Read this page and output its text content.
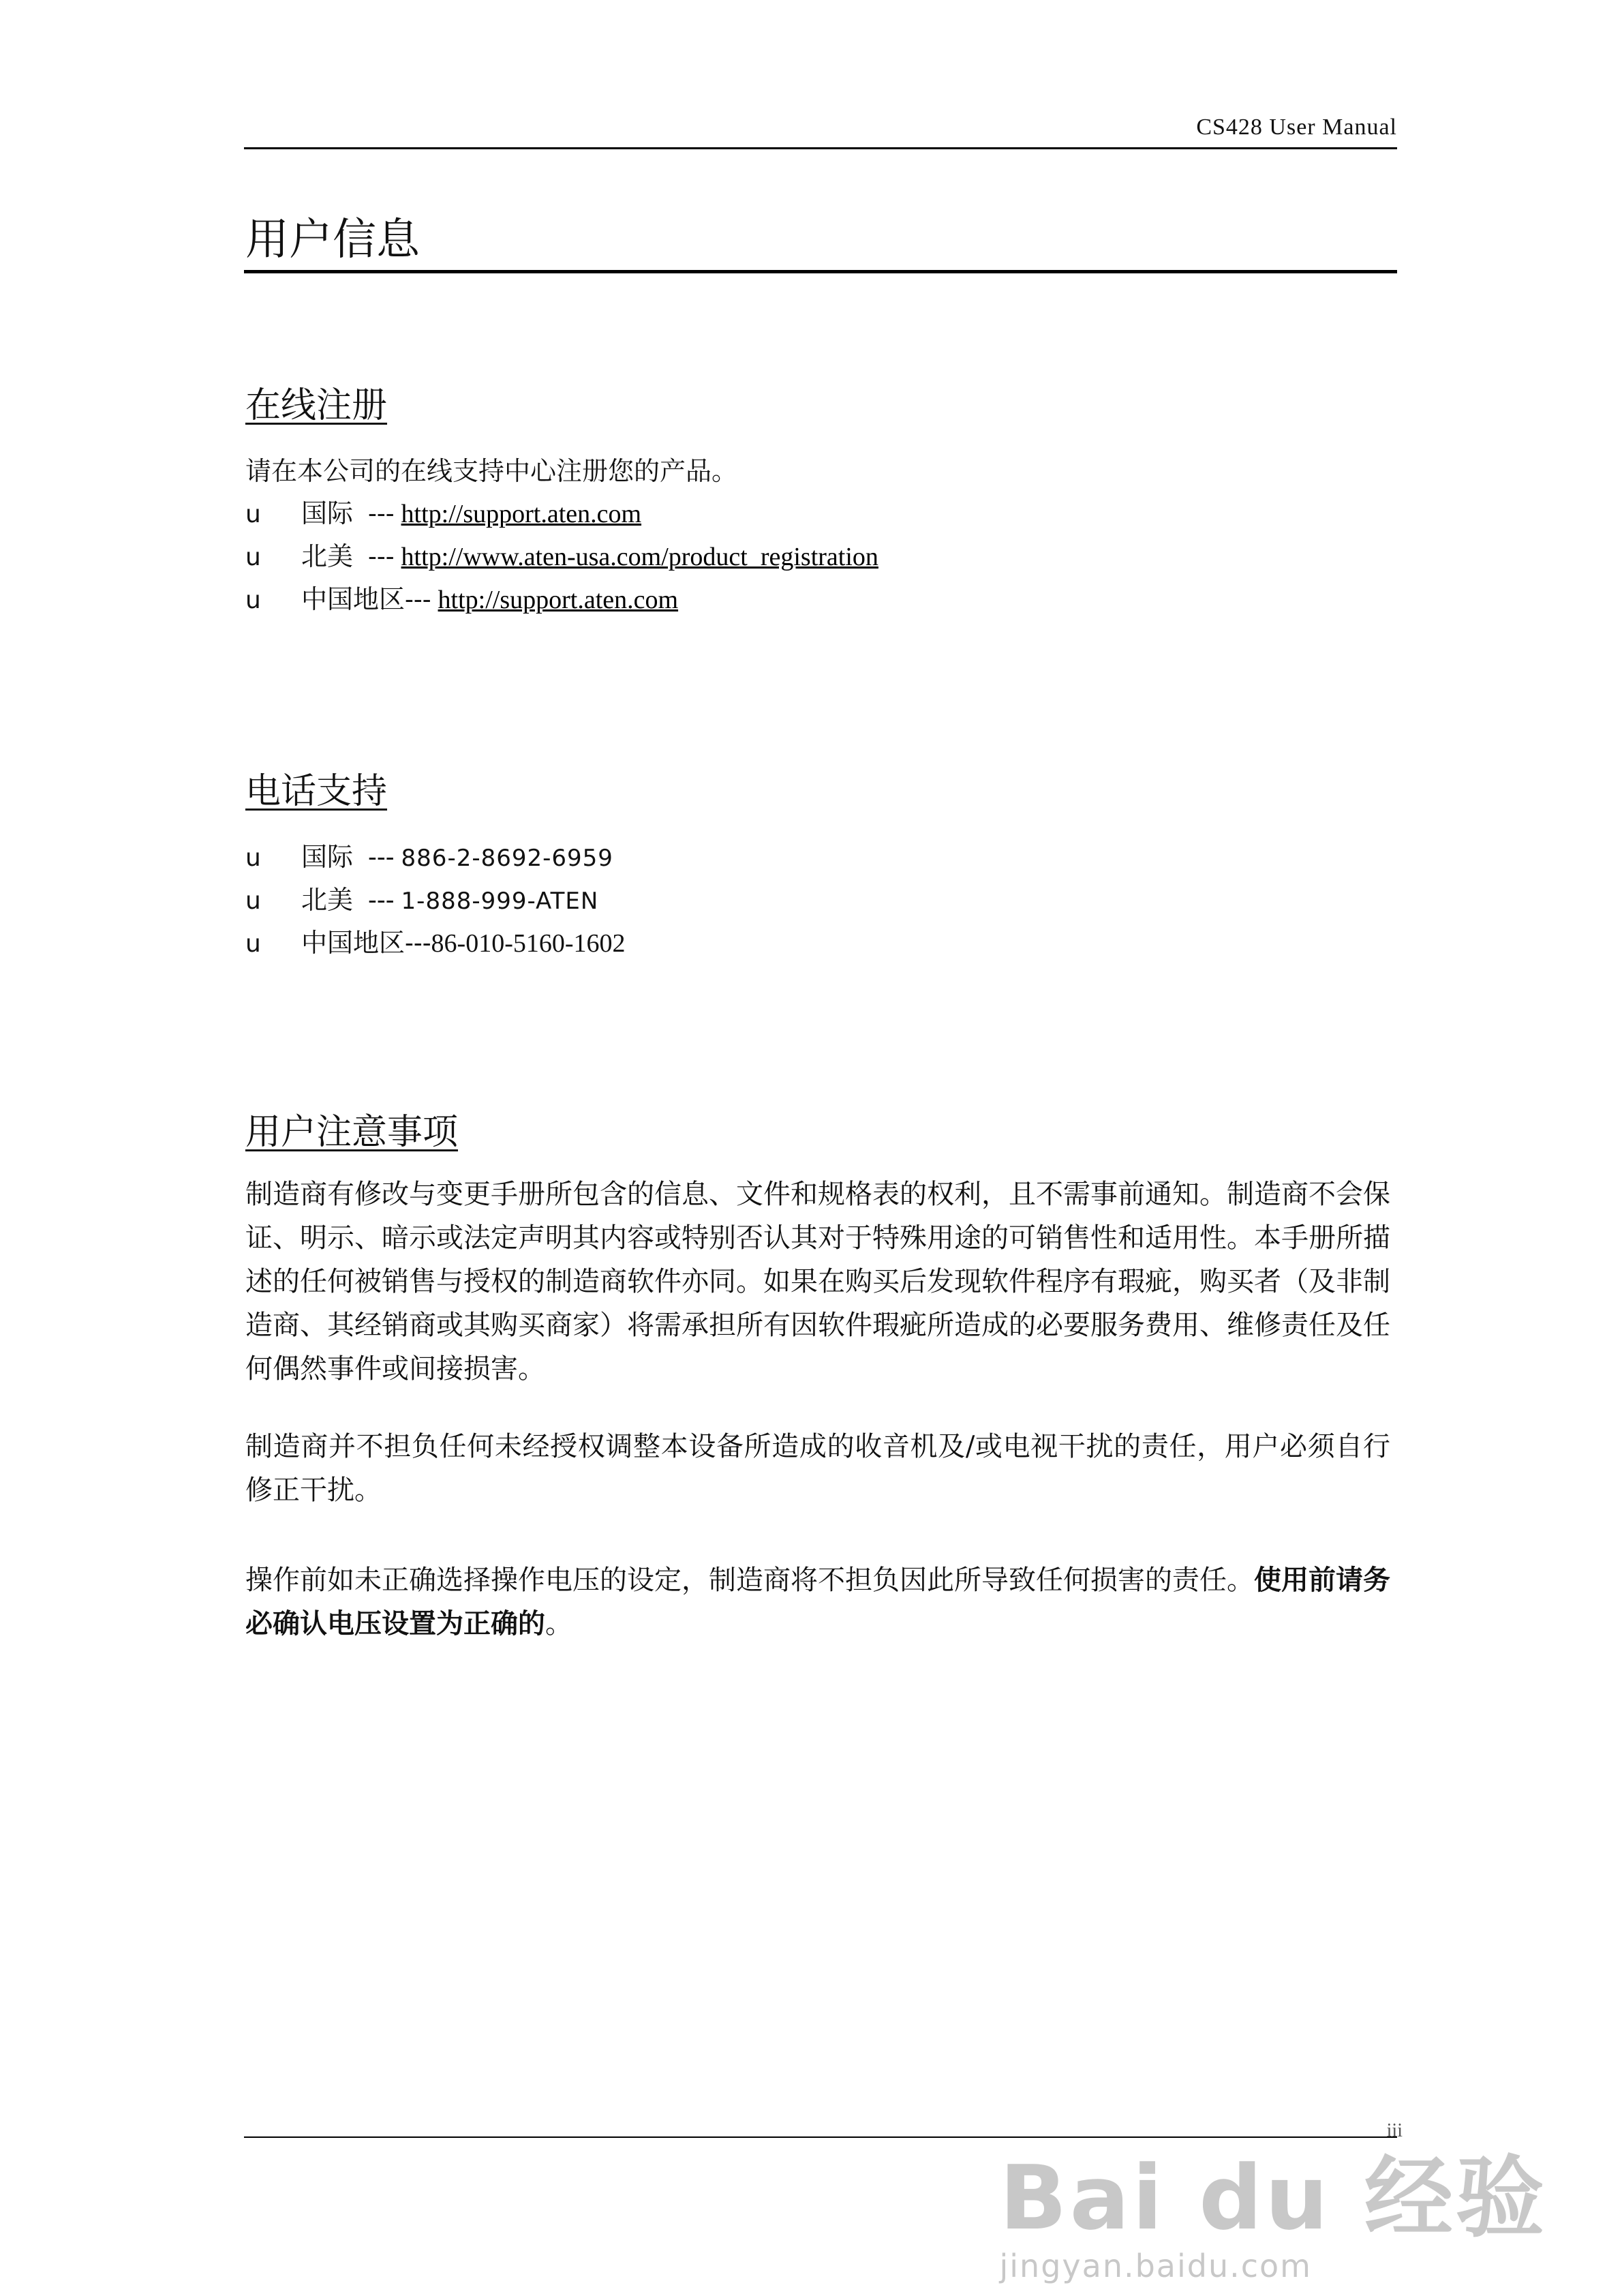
CS428 User Manual
用户信息
在线注册
请在本公司的在线支持中心注册您的产品。
u	国际 --- http://support.aten.com
u	北美 --- http://www.aten-usa.com/product_registration
u	中国地区 --- http://support.aten.com
电话支持
u	国际 --- 886-2-8692-6959
u	北美 --- 1-888-999-ATEN
u	中国地区 --- 86-010-5160-1602
用户注意事项
制造商有修改与变更手册所包含的信息、文件和规格表的权利，且不需事前通知。制造商不会保证、明示、暗示或法定声明其内容或特别否认其对于特殊用途的可销售性和适用性。本手册所描述的任何被销售与授权的制造商软件亦同。如果在购买后发现软件程序有瑕疵，购买者（及非制造商、其经销商或其购买商家）将需承担所有因软件瑕疵所造成的必要服务费用、维修责任及任何偶然事件或间接损害。
制造商并不担负任何未经授权调整本设备所造成的收音机及/或电视干扰的责任，用户必须自行修正干扰。
操作前如未正确选择操作电压的设定，制造商将不担负因此所导致任何损害的责任。使用前请务必确认电压设置为正确的。
iii
Bai du 经验
jingyan.baidu.com
